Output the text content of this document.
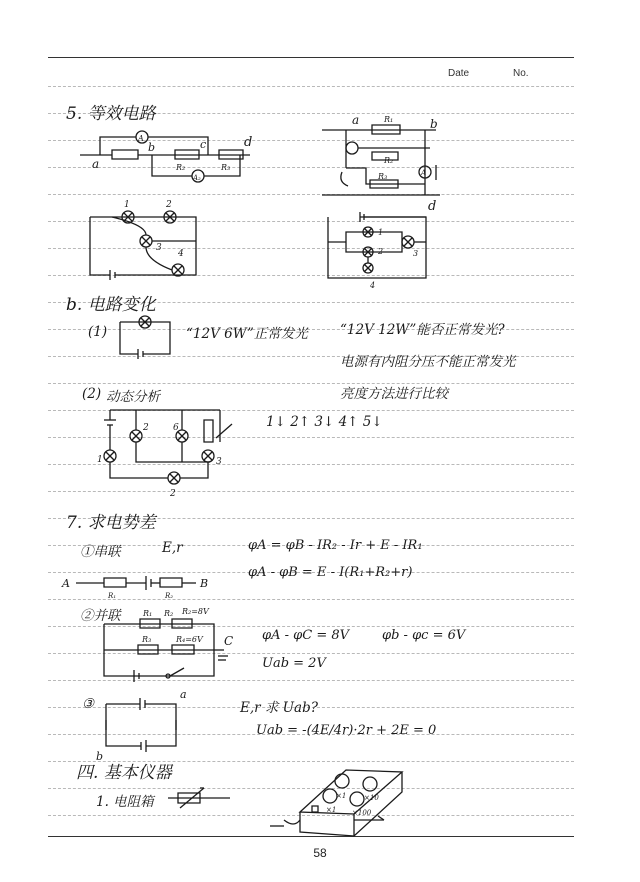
Date	No.
5. 等效电路
a
b	c	d
A
R₂	R₃
A₂
a	R₁	b
R₂
R₃	A
d
1	2
3
4
1
2	3
4
b. 电路变化
(1)	“12V 6W”正常发光 “12V 12W”能否正常发光?
电源有内阻分压不能正常发光
(2) 动态分析	亮度方法进行比较
1↓ 2↑ 3↓ 4↑ 5↓
2	6
1	3
2
7. 求电势差
①串联	E,r	φA = φB - IR₂ - Ir + E - IR₁
φA - φB = E - I(R₁+R₂+r)
A
R₁	R₂
B
②并联
φA - φC = 8V	φb - φc = 6V
Uab = 2V
R₁ R₂ R₂=8V
R₃	R₄=6V C
③	E,r 求 Uab?
Uab = -(4E/4r)·2r + 2E = 0
a
b
四. 基本仪器
1. 电阻箱	×1	×10
×1 ×100
58
